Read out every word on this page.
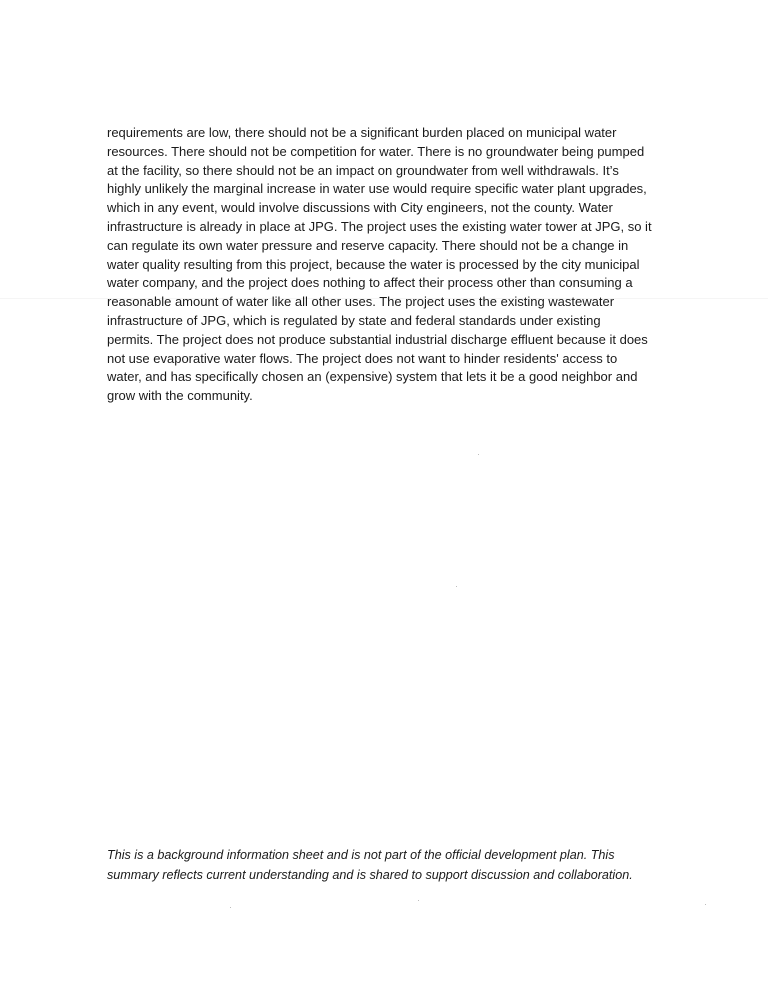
requirements are low, there should not be a significant burden placed on municipal water
resources. There should not be competition for water. There is no groundwater being pumped
at the facility, so there should not be an impact on groundwater from well withdrawals. It’s
highly unlikely the marginal increase in water use would require specific water plant upgrades,
which in any event, would involve discussions with City engineers, not the county. Water
infrastructure is already in place at JPG. The project uses the existing water tower at JPG, so it
can regulate its own water pressure and reserve capacity. There should not be a change in
water quality resulting from this project, because the water is processed by the city municipal
water company, and the project does nothing to affect their process other than consuming a
reasonable amount of water like all other uses. The project uses the existing wastewater
infrastructure of JPG, which is regulated by state and federal standards under existing
permits. The project does not produce substantial industrial discharge effluent because it does
not use evaporative water flows. The project does not want to hinder residents' access to
water, and has specifically chosen an (expensive) system that lets it be a good neighbor and
grow with the community.
This is a background information sheet and is not part of the official development plan. This
summary reflects current understanding and is shared to support discussion and collaboration.
